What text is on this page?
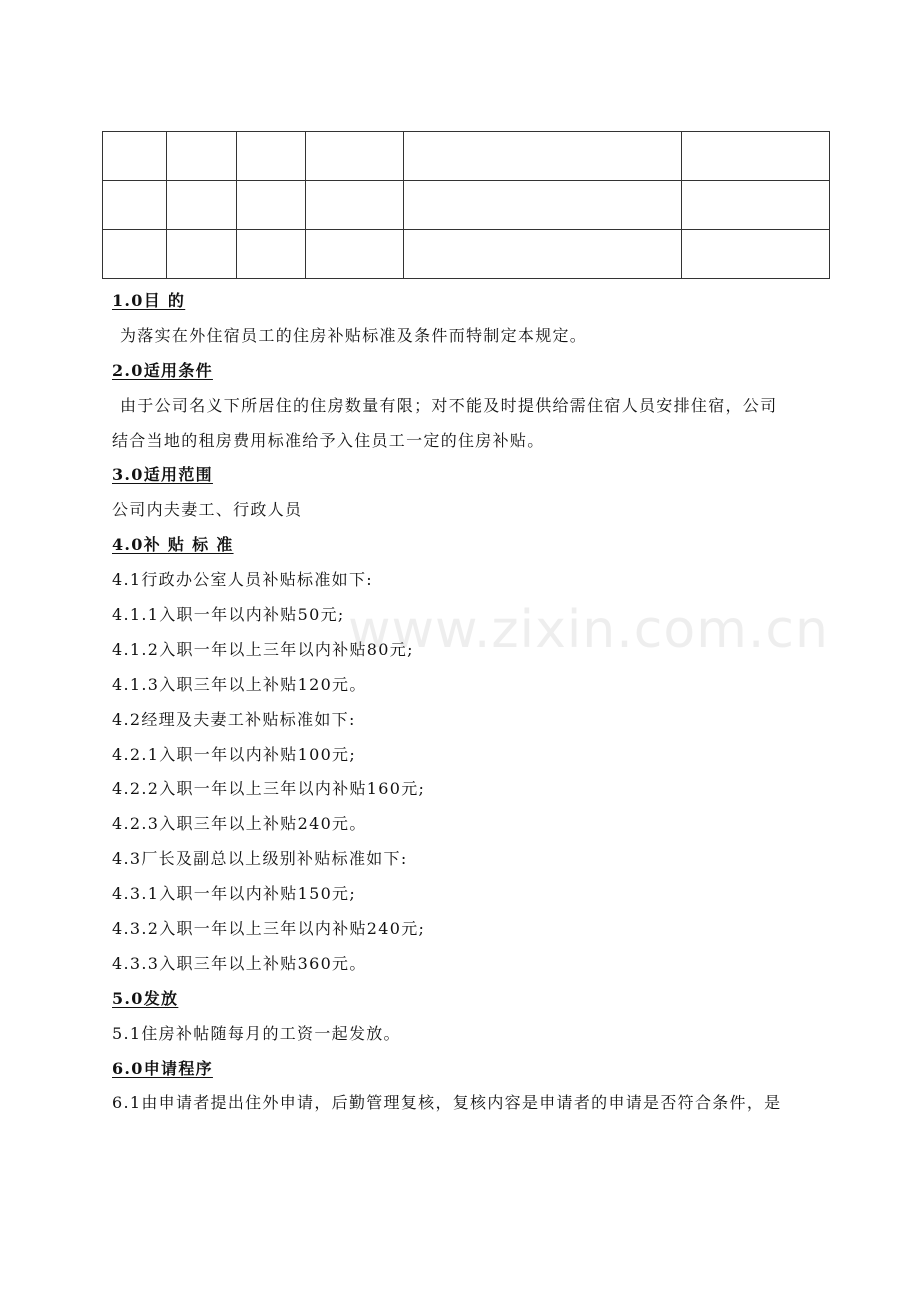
1.0目 的
为落实在外住宿员工的住房补贴标准及条件而特制定本规定。
2.0适用条件
由于公司名义下所居住的住房数量有限；对不能及时提供给需住宿人员安排住宿，公司
结合当地的租房费用标准给予入住员工一定的住房补贴。
3.0适用范围
公司内夫妻工、行政人员
4.0补 贴 标 准
4.1行政办公室人员补贴标准如下:
4.1.1入职一年以内补贴50元;
4.1.2入职一年以上三年以内补贴80元;
4.1.3入职三年以上补贴120元。
4.2经理及夫妻工补贴标准如下:
4.2.1入职一年以内补贴100元;
4.2.2入职一年以上三年以内补贴160元;
4.2.3入职三年以上补贴240元。
4.3厂长及副总以上级别补贴标准如下:
4.3.1入职一年以内补贴150元;
4.3.2入职一年以上三年以内补贴240元;
4.3.3入职三年以上补贴360元。
5.0发放
5.1住房补帖随每月的工资一起发放。
6.0申请程序
6.1由申请者提出住外申请，后勤管理复核，复核内容是申请者的申请是否符合条件，是
www.zixin.com.cn
